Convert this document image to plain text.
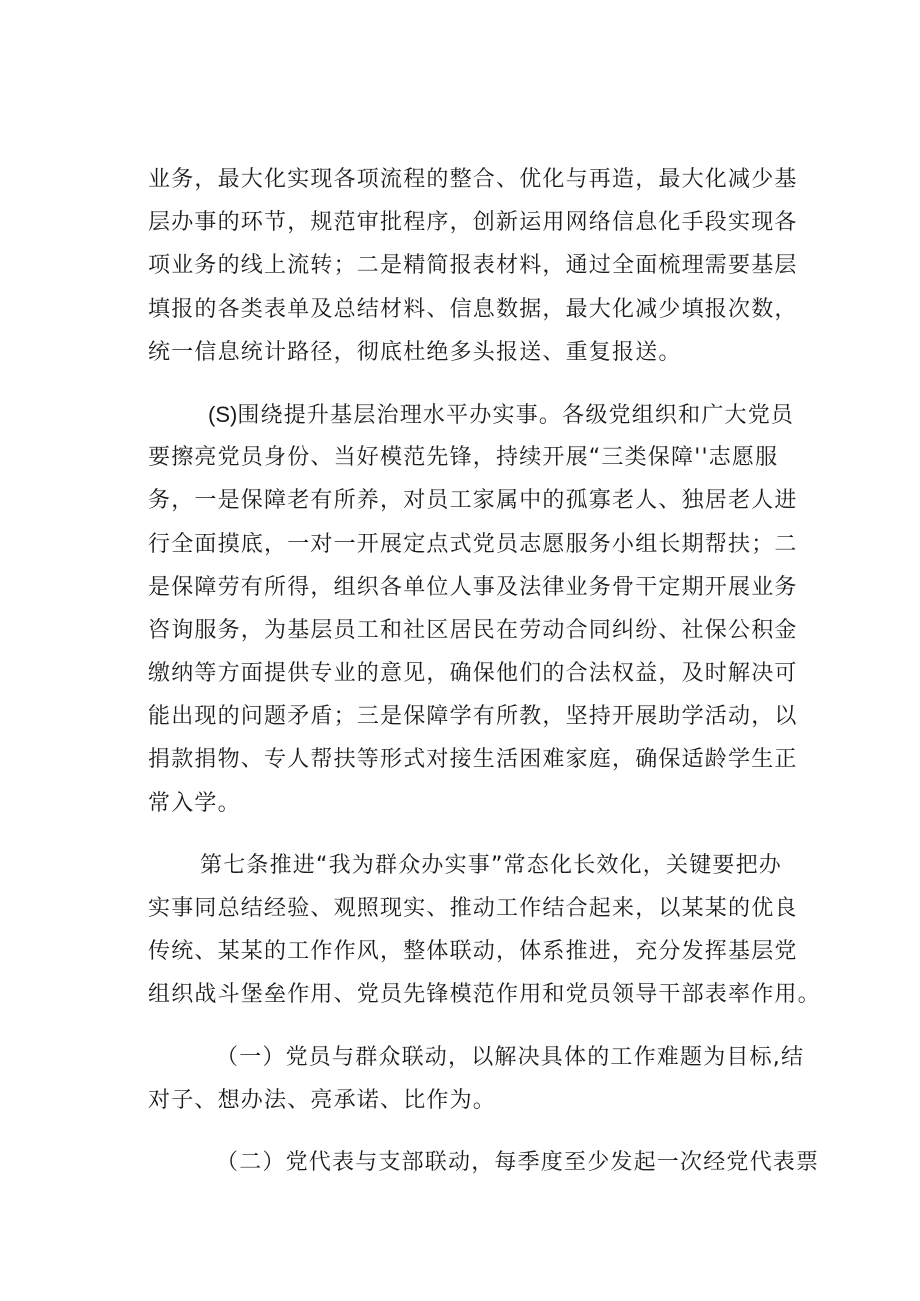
业务，最大化实现各项流程的整合、优化与再造，最大化减少基
层办事的环节，规范审批程序，创新运用网络信息化手段实现各
项业务的线上流转；二是精简报表材料，通过全面梳理需要基层
填报的各类表单及总结材料、信息数据，最大化减少填报次数，
统一信息统计路径，彻底杜绝多头报送、重复报送。
(S)围绕提升基层治理水平办实事。各级党组织和广大党员
要擦亮党员身份、当好模范先锋，持续开展“三类保障''志愿服
务，一是保障老有所养，对员工家属中的孤寡老人、独居老人进
行全面摸底，一对一开展定点式党员志愿服务小组长期帮扶；二
是保障劳有所得，组织各单位人事及法律业务骨干定期开展业务
咨询服务，为基层员工和社区居民在劳动合同纠纷、社保公积金
缴纳等方面提供专业的意见，确保他们的合法权益，及时解决可
能出现的问题矛盾；三是保障学有所教，坚持开展助学活动，以
捐款捐物、专人帮扶等形式对接生活困难家庭，确保适龄学生正
常入学。
第七条推进“我为群众办实事”常态化长效化，关键要把办
实事同总结经验、观照现实、推动工作结合起来，以某某的优良
传统、某某的工作作风，整体联动，体系推进，充分发挥基层党
组织战斗堡垒作用、党员先锋模范作用和党员领导干部表率作用。
（一）党员与群众联动，以解决具体的工作难题为目标,结
对子、想办法、亮承诺、比作为。
（二）党代表与支部联动，每季度至少发起一次经党代表票
